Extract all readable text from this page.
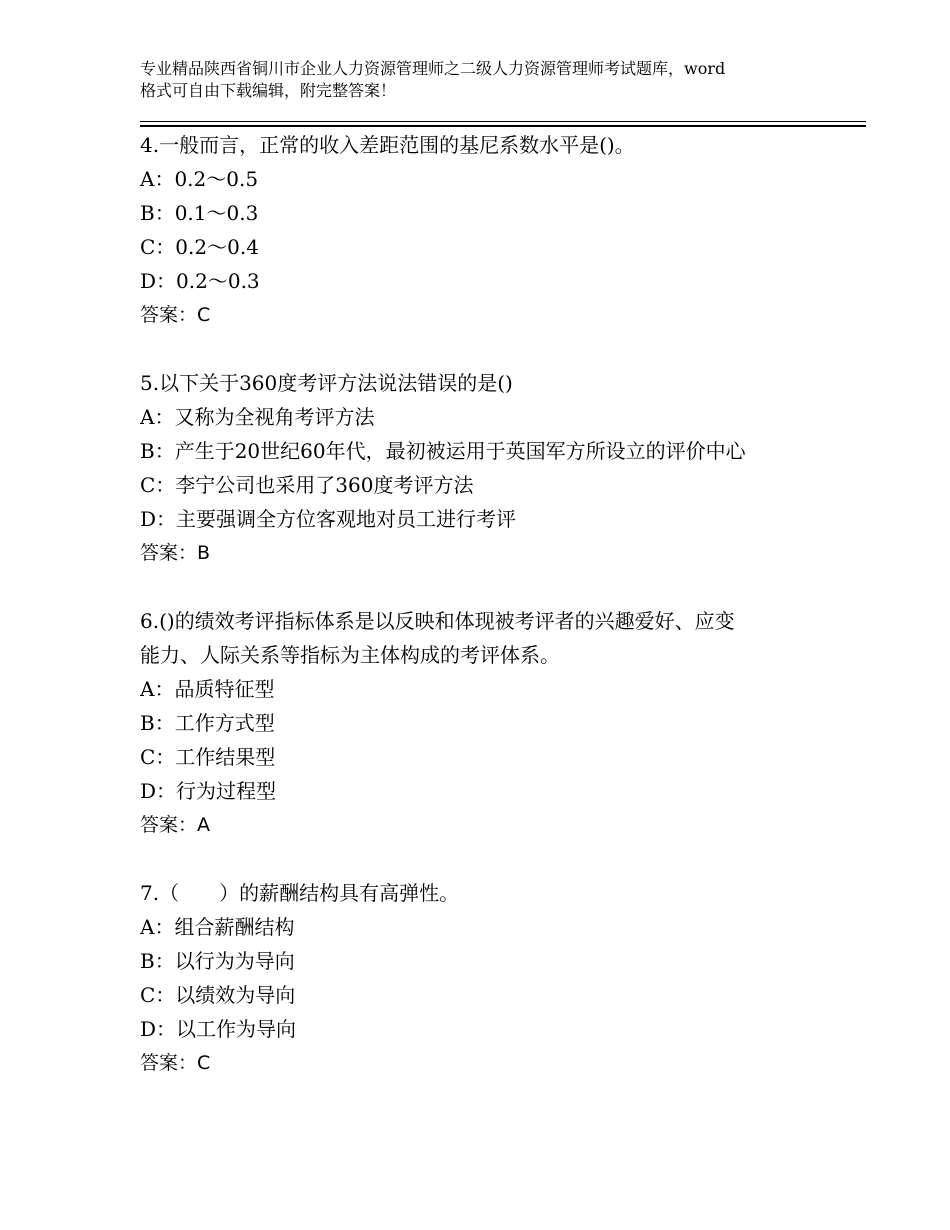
专业精品陕西省铜川市企业人力资源管理师之二级人力资源管理师考试题库，word
格式可自由下载编辑，附完整答案！
4.一般而言，正常的收入差距范围的基尼系数水平是()。
A：0.2～0.5
B：0.1～0.3
C：0.2～0.4
D：0.2～0.3
答案：C
5.以下关于360度考评方法说法错误的是()
A：又称为全视角考评方法
B：产生于20世纪60年代，最初被运用于英国军方所设立的评价中心
C：李宁公司也采用了360度考评方法
D：主要强调全方位客观地对员工进行考评
答案：B
6.()的绩效考评指标体系是以反映和体现被考评者的兴趣爱好、应变
能力、人际关系等指标为主体构成的考评体系。
A：品质特征型
B：工作方式型
C：工作结果型
D：行为过程型
答案：A
7.（　　）的薪酬结构具有高弹性。
A：组合薪酬结构
B：以行为为导向
C：以绩效为导向
D：以工作为导向
答案：C
